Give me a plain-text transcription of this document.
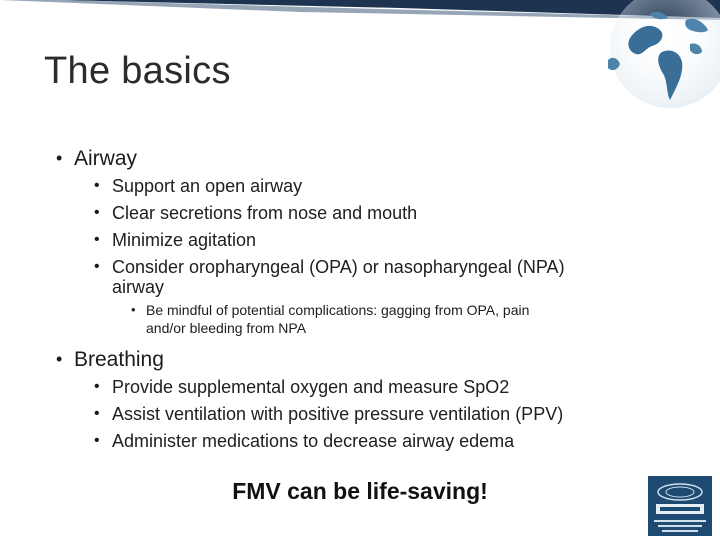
The basics
• Airway
• Support an open airway
• Clear secretions from nose and mouth
• Minimize agitation
• Consider oropharyngeal (OPA) or nasopharyngeal (NPA)
airway
• Be mindful of potential complications: gagging from OPA, pain
and/or bleeding from NPA
• Breathing
• Provide supplemental oxygen and measure SpO2
• Assist ventilation with positive pressure ventilation (PPV)
• Administer medications to decrease airway edema
FMV can be life-saving!
